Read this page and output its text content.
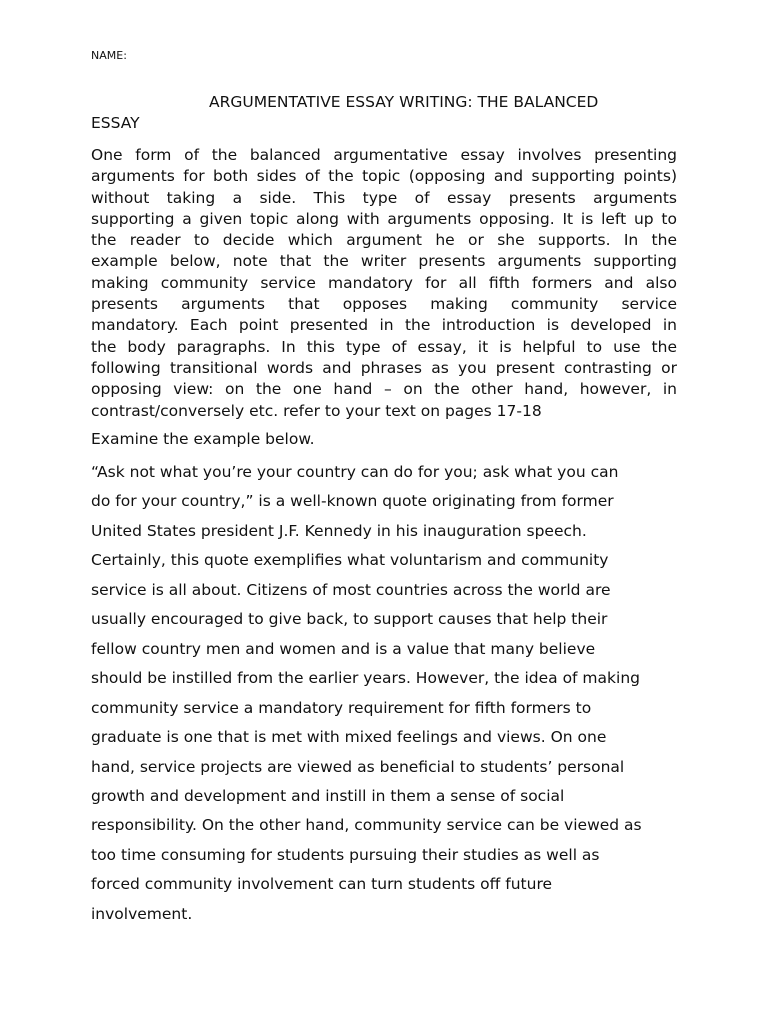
NAME:
ARGUMENTATIVE ESSAY WRITING: THE BALANCED
ESSAY
One form of the balanced argumentative essay involves presenting
arguments for both sides of the topic (opposing and supporting points)
without taking a side. This type of essay presents arguments
supporting a given topic along with arguments opposing. It is left up to
the reader to decide which argument he or she supports. In the
example below, note that the writer presents arguments supporting
making community service mandatory for all fifth formers and also
presents arguments that opposes making community service
mandatory. Each point presented in the introduction is developed in
the body paragraphs. In this type of essay, it is helpful to use the
following transitional words and phrases as you present contrasting or
opposing view: on the one hand – on the other hand, however, in
contrast/conversely etc. refer to your text on pages 17-18
Examine the example below.
“Ask not what you’re your country can do for you; ask what you can
do for your country,” is a well-known quote originating from former
United States president J.F. Kennedy in his inauguration speech.
Certainly, this quote exemplifies what voluntarism and community
service is all about. Citizens of most countries across the world are
usually encouraged to give back, to support causes that help their
fellow country men and women and is a value that many believe
should be instilled from the earlier years. However, the idea of making
community service a mandatory requirement for fifth formers to
graduate is one that is met with mixed feelings and views. On one
hand, service projects are viewed as beneficial to students’ personal
growth and development and instill in them a sense of social
responsibility. On the other hand, community service can be viewed as
too time consuming for students pursuing their studies as well as
forced community involvement can turn students off future
involvement.
